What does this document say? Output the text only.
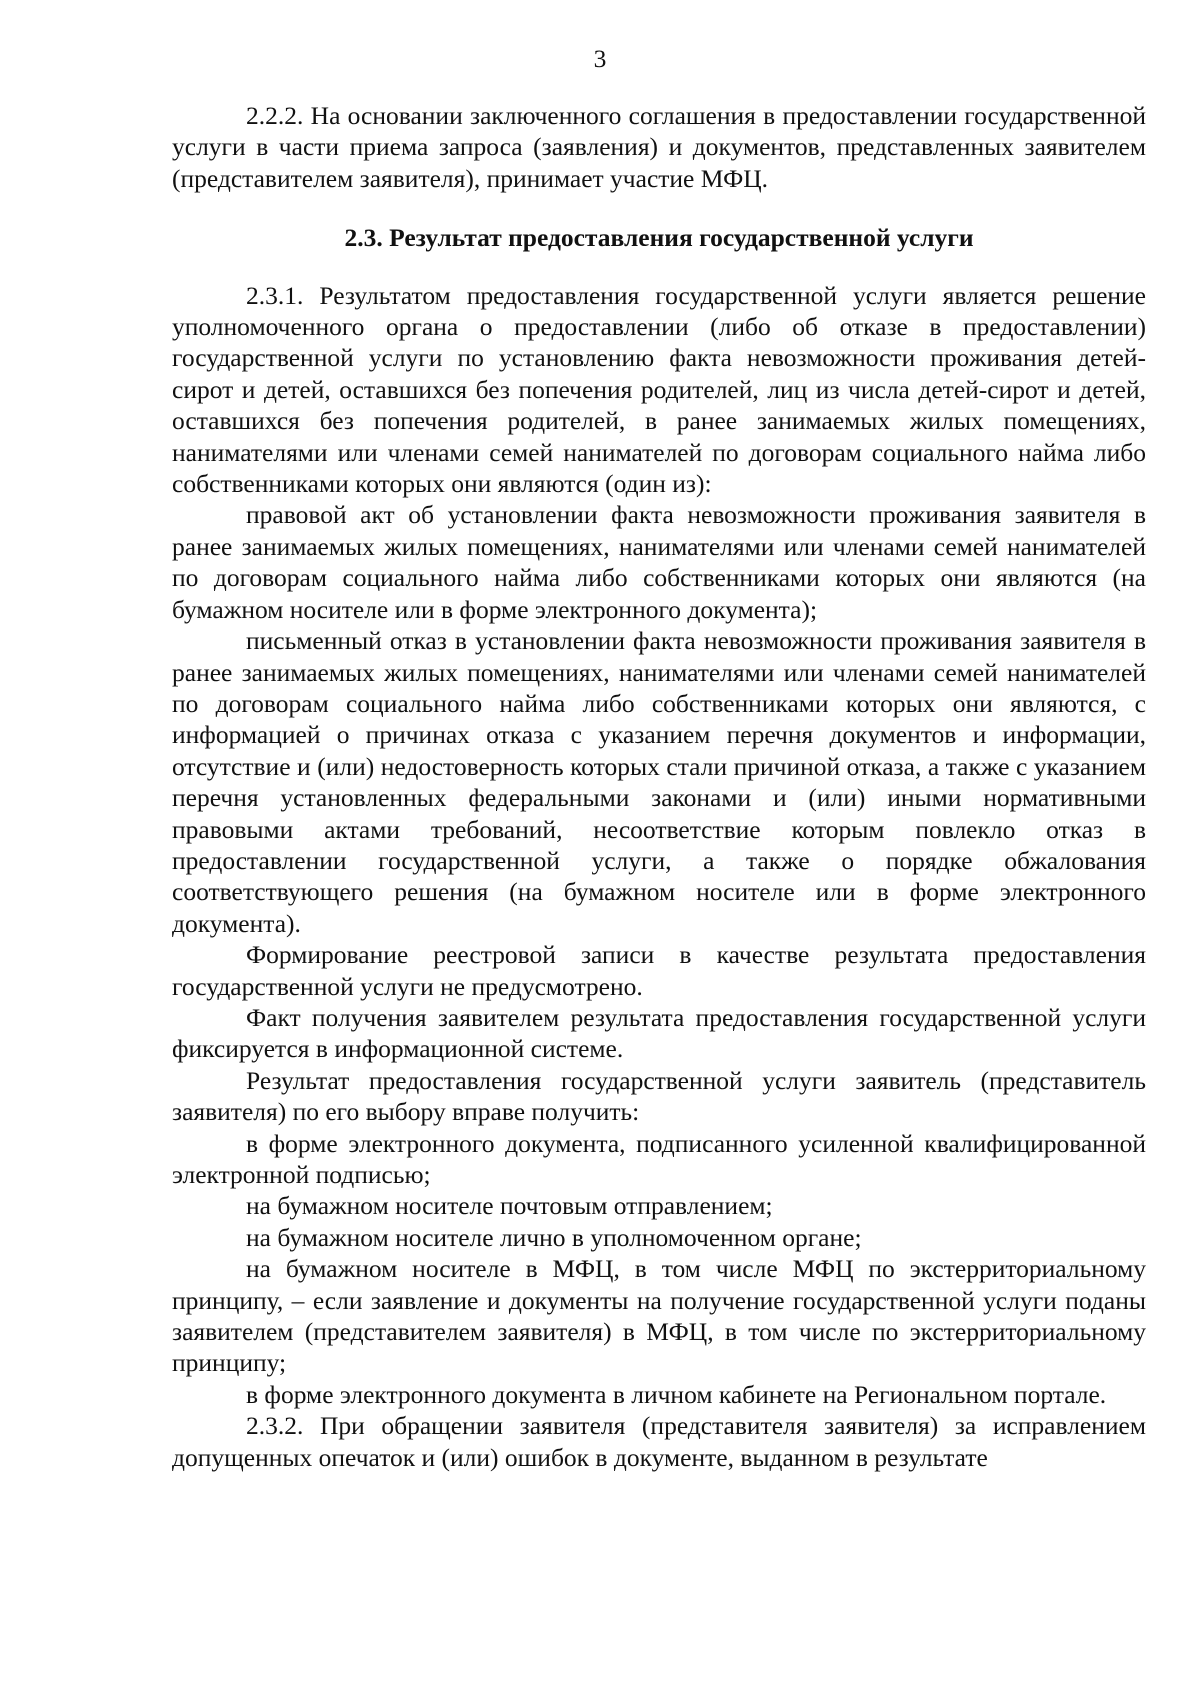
3

2.2.2. На основании заключенного соглашения в предоставлении государственной услуги в части приема запроса (заявления) и документов, представленных заявителем (представителем заявителя), принимает участие МФЦ.

2.3. Результат предоставления государственной услуги

2.3.1. Результатом предоставления государственной услуги является решение уполномоченного органа о предоставлении (либо об отказе в предоставлении) государственной услуги по установлению факта невозможности проживания детей-сирот и детей, оставшихся без попечения родителей, лиц из числа детей-сирот и детей, оставшихся без попечения родителей, в ранее занимаемых жилых помещениях, нанимателями или членами семей нанимателей по договорам социального найма либо собственниками которых они являются (один из):

правовой акт об установлении факта невозможности проживания заявителя в ранее занимаемых жилых помещениях, нанимателями или членами семей нанимателей по договорам социального найма либо собственниками которых они являются (на бумажном носителе или в форме электронного документа);

письменный отказ в установлении факта невозможности проживания заявителя в ранее занимаемых жилых помещениях, нанимателями или членами семей нанимателей по договорам социального найма либо собственниками которых они являются, с информацией о причинах отказа с указанием перечня документов и информации, отсутствие и (или) недостоверность которых стали причиной отказа, а также с указанием перечня установленных федеральными законами и (или) иными нормативными правовыми актами требований, несоответствие которым повлекло отказ в предоставлении государственной услуги, а также о порядке обжалования соответствующего решения (на бумажном носителе или в форме электронного документа).

Формирование реестровой записи в качестве результата предоставления государственной услуги не предусмотрено.

Факт получения заявителем результата предоставления государственной услуги фиксируется в информационной системе.

Результат предоставления государственной услуги заявитель (представитель заявителя) по его выбору вправе получить:

в форме электронного документа, подписанного усиленной квалифицированной электронной подписью;

на бумажном носителе почтовым отправлением;

на бумажном носителе лично в уполномоченном органе;

на бумажном носителе в МФЦ, в том числе МФЦ по экстерриториальному принципу, – если заявление и документы на получение государственной услуги поданы заявителем (представителем заявителя) в МФЦ, в том числе по экстерриториальному принципу;

в форме электронного документа в личном кабинете на Региональном портале.

2.3.2. При обращении заявителя (представителя заявителя) за исправлением допущенных опечаток и (или) ошибок в документе, выданном в результате
